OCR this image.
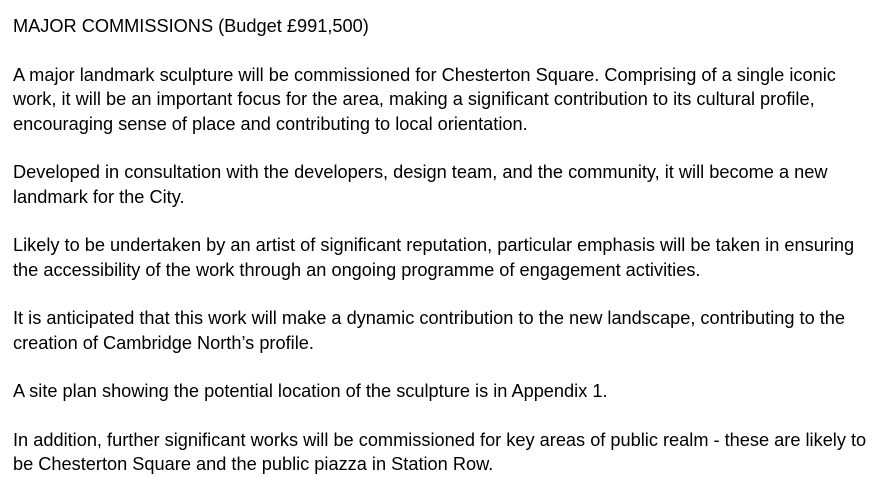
MAJOR COMMISSIONS (Budget £991,500)

A major landmark sculpture will be commissioned for Chesterton Square. Comprising of a single iconic work, it will be an important focus for the area, making a significant contribution to its cultural profile, encouraging sense of place and contributing to local orientation.

Developed in consultation with the developers, design team, and the community, it will become a new landmark for the City.

Likely to be undertaken by an artist of significant reputation, particular emphasis will be taken in ensuring the accessibility of the work through an ongoing programme of engagement activities.

It is anticipated that this work will make a dynamic contribution to the new landscape, contributing to the creation of Cambridge North’s profile.

A site plan showing the potential location of the sculpture is in Appendix 1.

In addition, further significant works will be commissioned for key areas of public realm - these are likely to be Chesterton Square and the public piazza in Station Row.
